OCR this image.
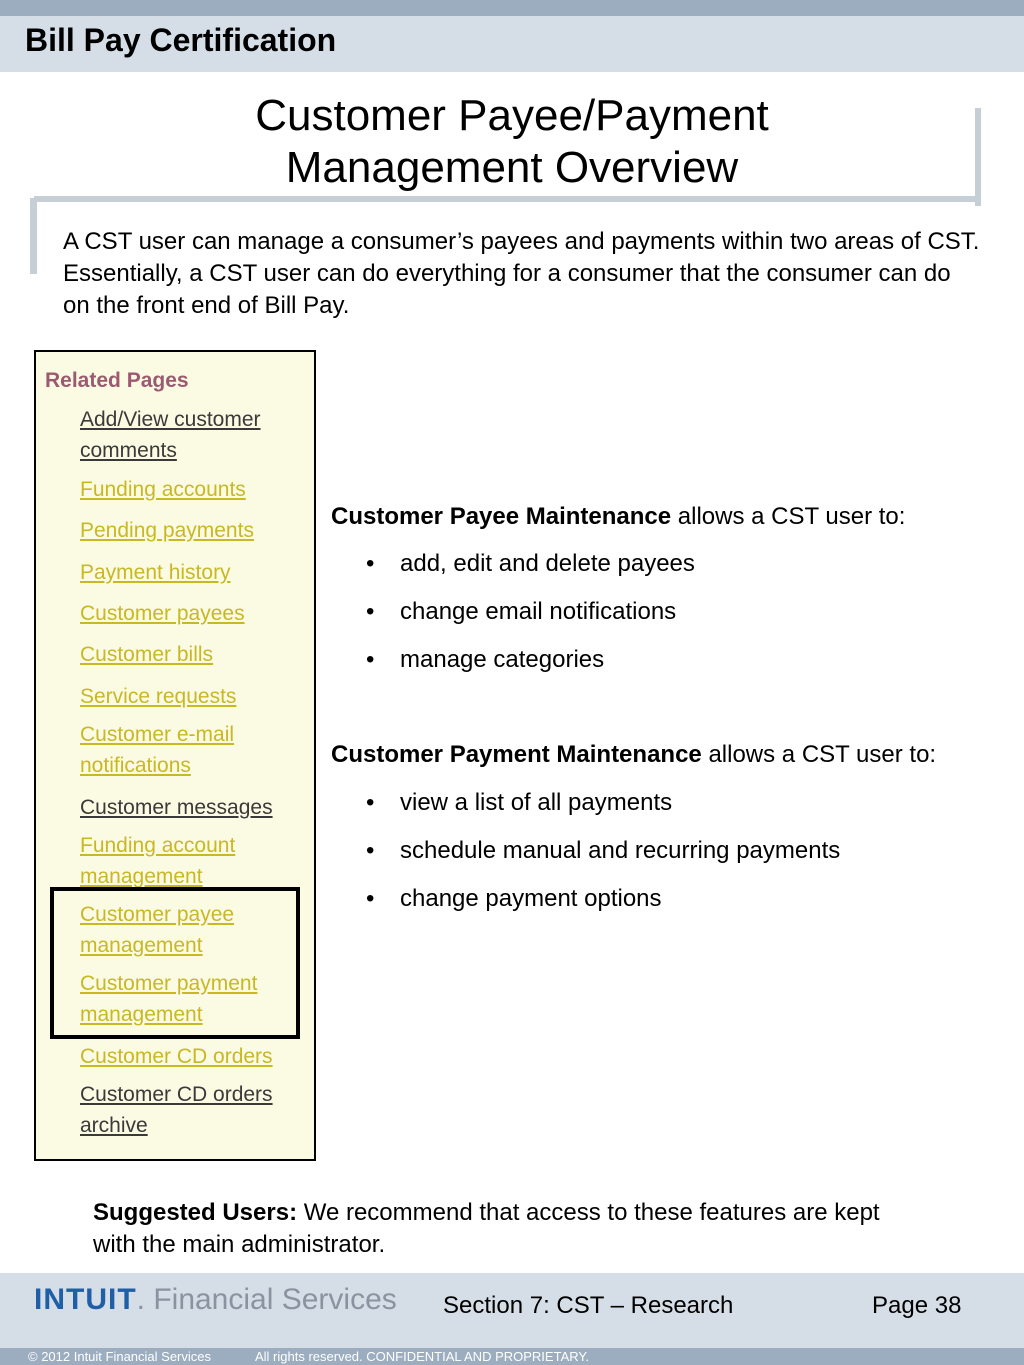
Bill Pay Certification
Customer Payee/Payment
Management Overview
A CST user can manage a consumer’s payees and payments within two areas of CST. Essentially, a CST user can do everything for a consumer that the consumer can do on the front end of Bill Pay.
Related Pages
Add/View customer comments
Funding accounts
Pending payments
Payment history
Customer payees
Customer bills
Service requests
Customer e-mail notifications
Customer messages
Funding account management
Customer payee management
Customer payment management
Customer CD orders
Customer CD orders archive
Customer Payee Maintenance allows a CST user to:
• add, edit and delete payees
• change email notifications
• manage categories
Customer Payment Maintenance allows a CST user to:
• view a list of all payments
• schedule manual and recurring payments
• change payment options
Suggested Users: We recommend that access to these features are kept with the main administrator.
INTUIT. Financial Services Section 7: CST – Research	Page 38
© 2012 Intuit Financial Services	All rights reserved. CONFIDENTIAL AND PROPRIETARY.
